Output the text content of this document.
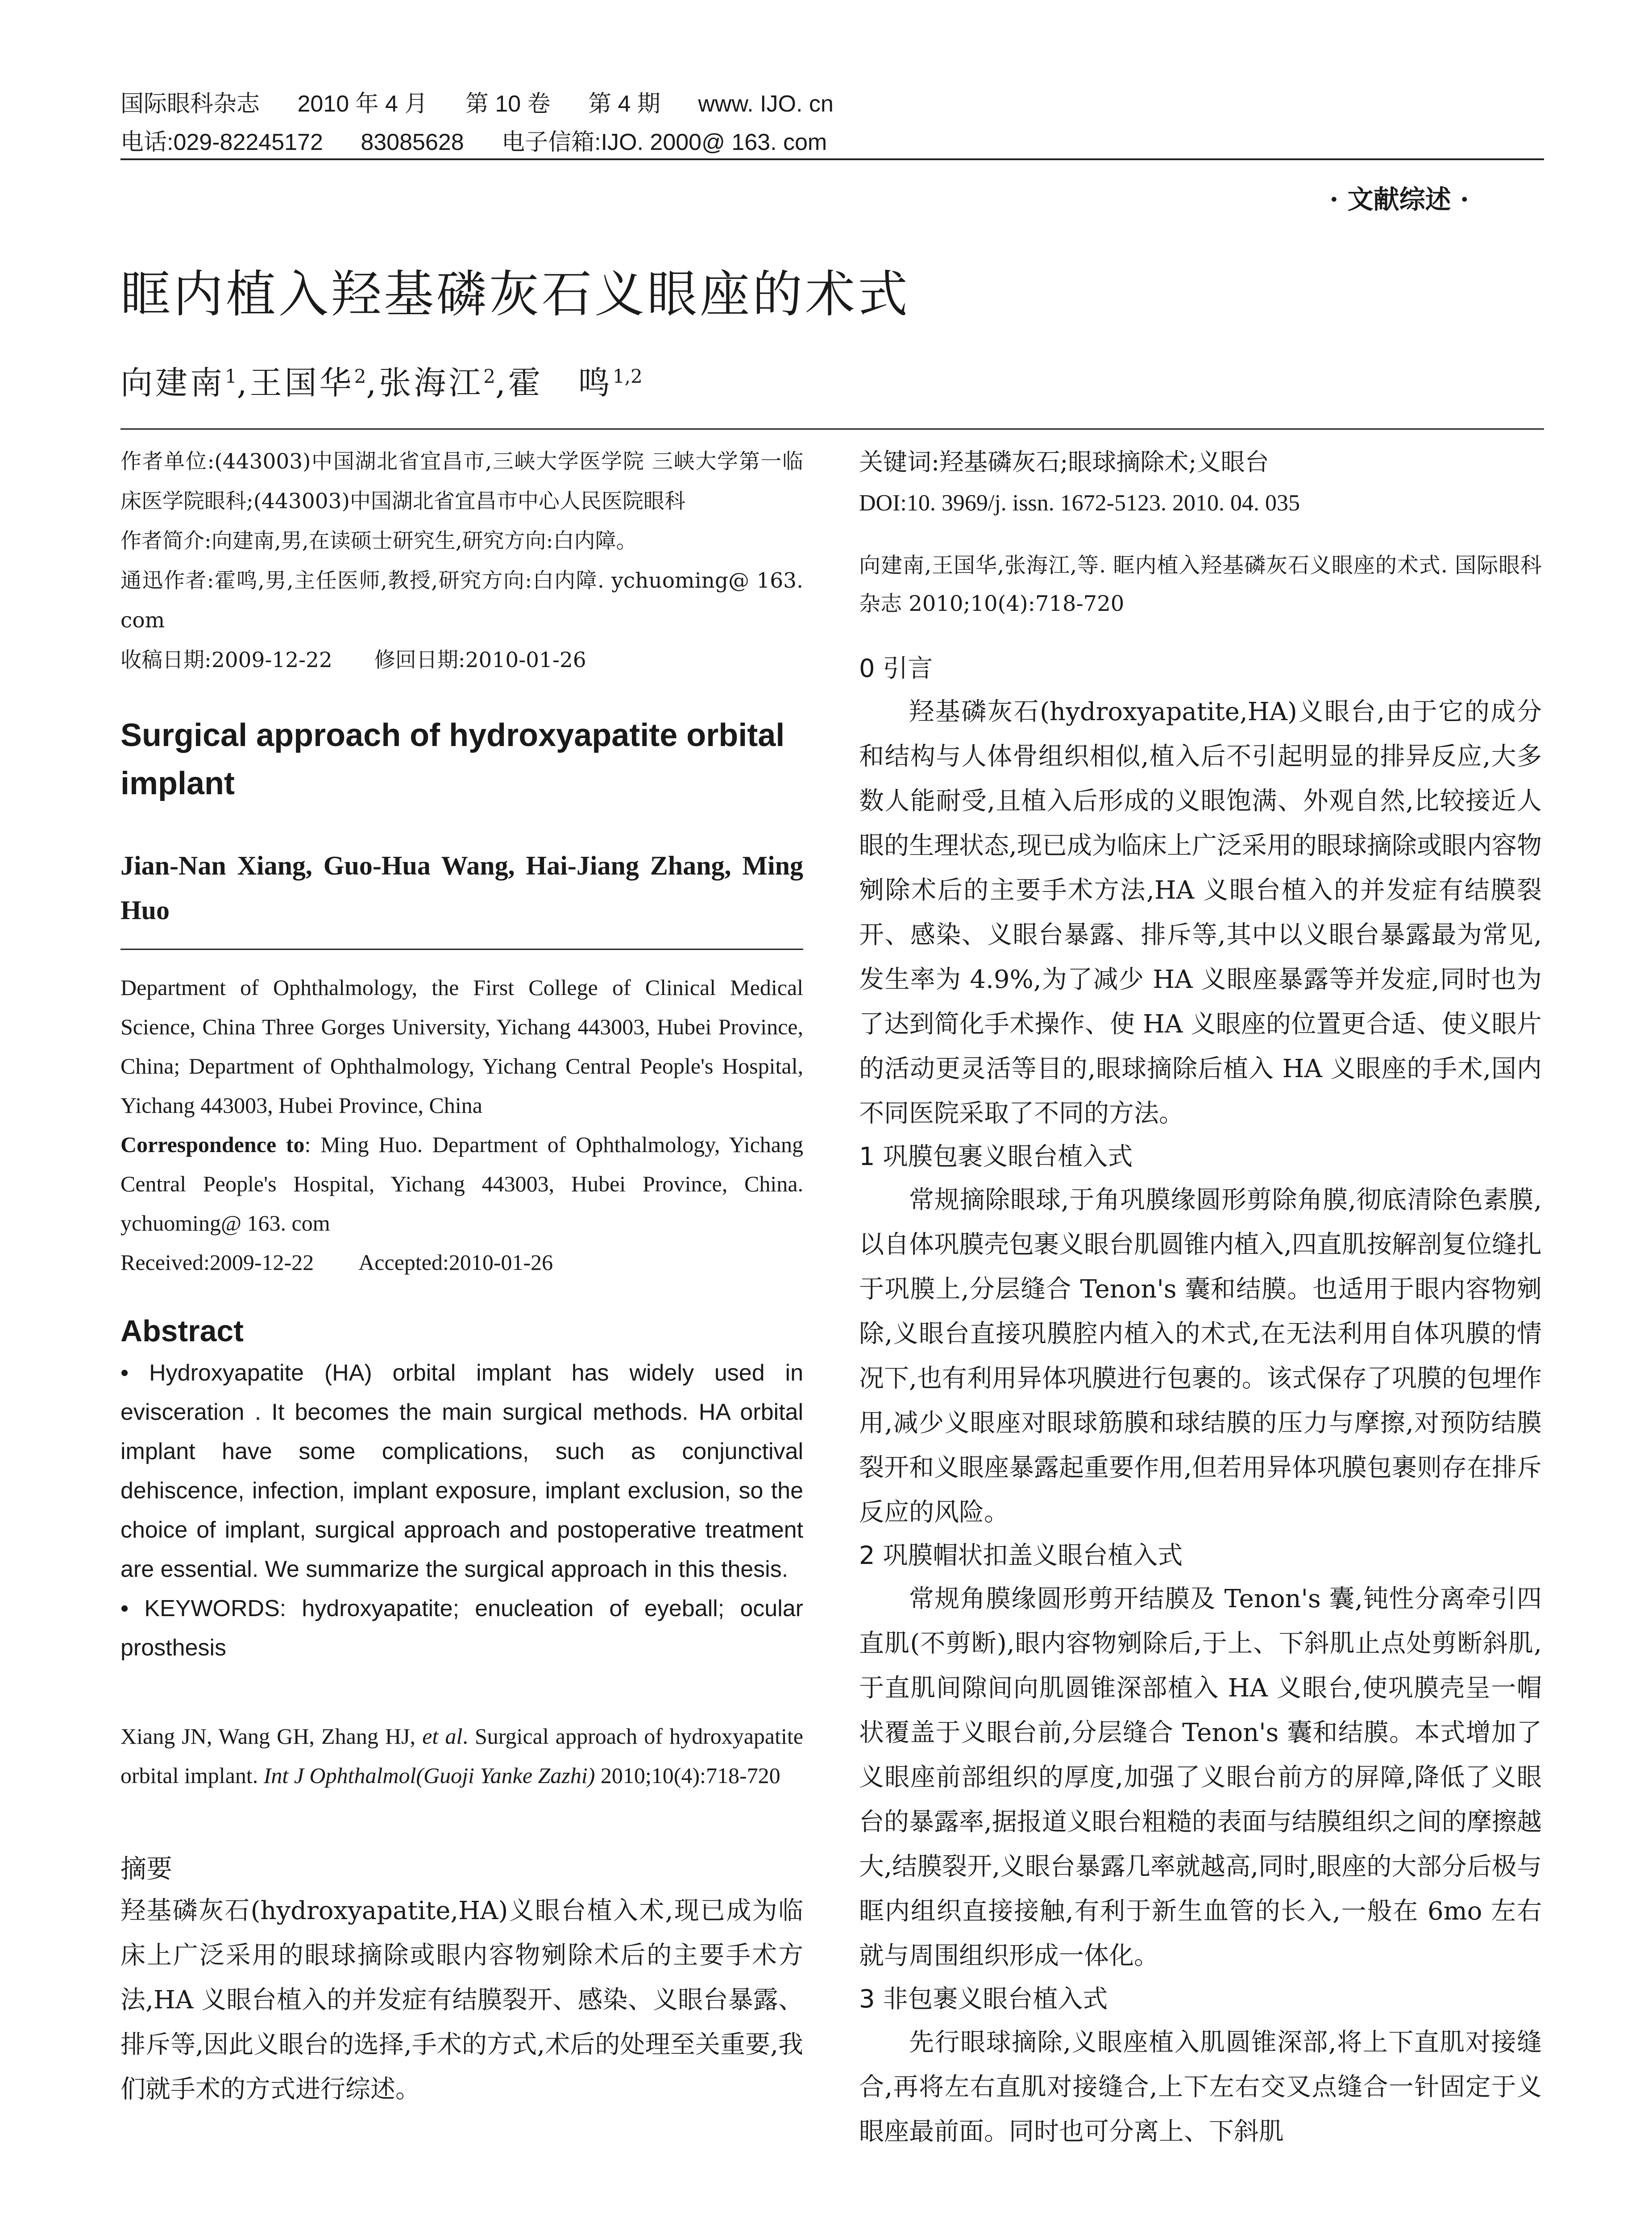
国际眼科杂志 2010 年 4 月 第 10 卷 第 4 期 www. IJO. cn
电话:029-82245172 83085628 电子信箱:IJO. 2000@ 163. com
· 文献综述 ·
眶内植入羟基磷灰石义眼座的术式
向建南$^1$,王国华$^2$,张海江$^2$,霍　鸣$^{1,2}$

作者单位:(443003)中国湖北省宜昌市,三峡大学医学院 三峡大学第一临床医学院眼科;(443003)中国湖北省宜昌市中心人民医院眼科

作者简介:向建南,男,在读硕士研究生,研究方向:白内障。

通迅作者:霍鸣,男,主任医师,教授,研究方向:白内障. ychuoming@ 163. com

收稿日期:2009-12-22　　修回日期:2010-01-26

Surgical approach of hydroxyapatite orbital implant
Jian-Nan Xiang, Guo-Hua Wang, Hai-Jiang Zhang, Ming Huo
Department of Ophthalmology, the First College of Clinical Medical Science, China Three Gorges University, Yichang 443003, Hubei Province, China; Department of Ophthalmology, Yichang Central People's Hospital, Yichang 443003, Hubei Province, China
Correspondence to: Ming Huo. Department of Ophthalmology, Yichang Central People's Hospital, Yichang 443003, Hubei Province, China. ychuoming@ 163. com
Received:2009-12-22　　Accepted:2010-01-26
Abstract

• Hydroxyapatite (HA) orbital implant has widely used in evisceration . It becomes the main surgical methods. HA orbital implant have some complications, such as conjunctival dehiscence, infection, implant exposure, implant exclusion, so the choice of implant, surgical approach and postoperative treatment are essential. We summarize the surgical approach in this thesis.

• KEYWORDS: hydroxyapatite; enucleation of eyeball; ocular prosthesis

Xiang JN, Wang GH, Zhang HJ, et al. Surgical approach of hydroxyapatite orbital implant. Int J Ophthalmol(Guoji Yanke Zazhi) 2010;10(4):718-720
摘要
羟基磷灰石(hydroxyapatite,HA)义眼台植入术,现已成为临床上广泛采用的眼球摘除或眼内容物剜除术后的主要手术方法,HA 义眼台植入的并发症有结膜裂开、感染、义眼台暴露、排斥等,因此义眼台的选择,手术的方式,术后的处理至关重要,我们就手术的方式进行综述。
关键词:羟基磷灰石;眼球摘除术;义眼台
DOI:10. 3969/j. issn. 1672-5123. 2010. 04. 035
向建南,王国华,张海江,等. 眶内植入羟基磷灰石义眼座的术式. 国际眼科杂志 2010;10(4):718-720
0 引言

羟基磷灰石(hydroxyapatite,HA)义眼台,由于它的成分和结构与人体骨组织相似,植入后不引起明显的排异反应,大多数人能耐受,且植入后形成的义眼饱满、外观自然,比较接近人眼的生理状态,现已成为临床上广泛采用的眼球摘除或眼内容物剜除术后的主要手术方法,HA 义眼台植入的并发症有结膜裂开、感染、义眼台暴露、排斥等,其中以义眼台暴露最为常见,发生率为 4.9%,为了减少 HA 义眼座暴露等并发症,同时也为了达到简化手术操作、使 HA 义眼座的位置更合适、使义眼片的活动更灵活等目的,眼球摘除后植入 HA 义眼座的手术,国内不同医院采取了不同的方法。

1 巩膜包裹义眼台植入式

常规摘除眼球,于角巩膜缘圆形剪除角膜,彻底清除色素膜,以自体巩膜壳包裹义眼台肌圆锥内植入,四直肌按解剖复位缝扎于巩膜上,分层缝合 Tenon's 囊和结膜。也适用于眼内容物剜除,义眼台直接巩膜腔内植入的术式,在无法利用自体巩膜的情况下,也有利用异体巩膜进行包裹的。该式保存了巩膜的包埋作用,减少义眼座对眼球筋膜和球结膜的压力与摩擦,对预防结膜裂开和义眼座暴露起重要作用,但若用异体巩膜包裹则存在排斥反应的风险。

2 巩膜帽状扣盖义眼台植入式

常规角膜缘圆形剪开结膜及 Tenon's 囊,钝性分离牵引四直肌(不剪断),眼内容物剜除后,于上、下斜肌止点处剪断斜肌,于直肌间隙间向肌圆锥深部植入 HA 义眼台,使巩膜壳呈一帽状覆盖于义眼台前,分层缝合 Tenon's 囊和结膜。本式增加了义眼座前部组织的厚度,加强了义眼台前方的屏障,降低了义眼台的暴露率,据报道义眼台粗糙的表面与结膜组织之间的摩擦越大,结膜裂开,义眼台暴露几率就越高,同时,眼座的大部分后极与眶内组织直接接触,有利于新生血管的长入,一般在 6mo 左右就与周围组织形成一体化。

3 非包裹义眼台植入式

先行眼球摘除,义眼座植入肌圆锥深部,将上下直肌对接缝合,再将左右直肌对接缝合,上下左右交叉点缝合一针固定于义眼座最前面。同时也可分离上、下斜肌
